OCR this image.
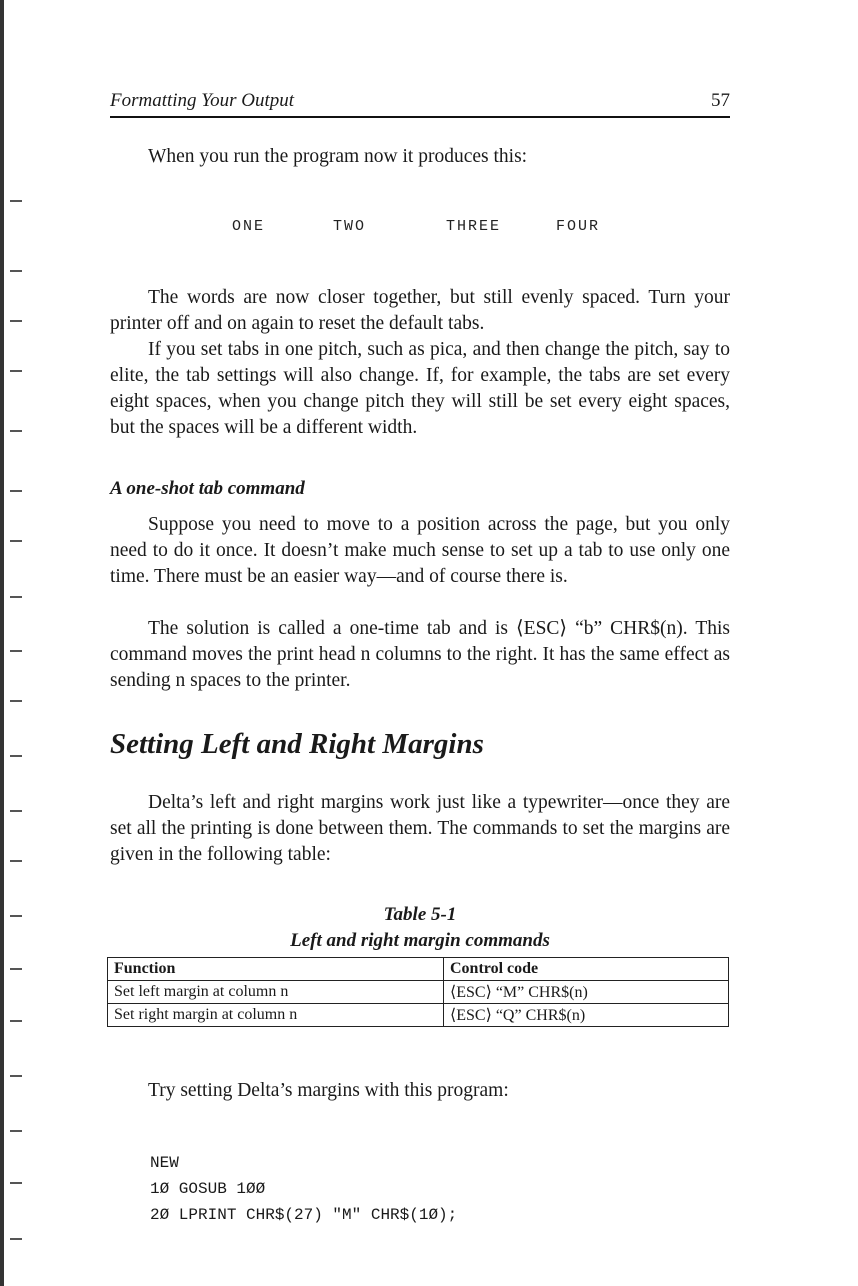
Formatting Your Output	57
When you run the program now it produces this:
ONE	TWO	THREE	FOUR
The words are now closer together, but still evenly spaced. Turn your printer off and on again to reset the default tabs.
If you set tabs in one pitch, such as pica, and then change the pitch, say to elite, the tab settings will also change. If, for example, the tabs are set every eight spaces, when you change pitch they will still be set every eight spaces, but the spaces will be a different width.
A one-shot tab command
Suppose you need to move to a position across the page, but you only need to do it once. It doesn’t make much sense to set up a tab to use only one time. There must be an easier way—and of course there is.
The solution is called a one-time tab and is ⟨ESC⟩ “b” CHR$(n). This command moves the print head n columns to the right. It has the same effect as sending n spaces to the printer.
Setting Left and Right Margins
Delta’s left and right margins work just like a typewriter—once they are set all the printing is done between them. The commands to set the margins are given in the following table:
Table 5-1
Left and right margin commands
Function	Control code
Set left margin at column n	⟨ESC⟩ “M” CHR$(n)
Set right margin at column n	⟨ESC⟩ “Q” CHR$(n)
Try setting Delta’s margins with this program:
NEW
1Ø GOSUB 1ØØ
2Ø LPRINT CHR$(27) "M" CHR$(1Ø);
